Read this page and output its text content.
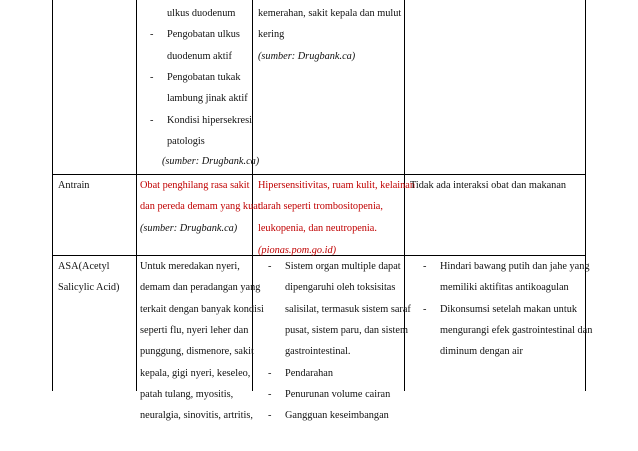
ulkus duodenum
- Pengobatan ulkus
duodenum aktif
- Pengobatan tukak
lambung jinak aktif
- Kondisi hipersekresi
patologis
(sumber: Drugbank.ca)
kemerahan, sakit kepala dan mulut
kering
(sumber: Drugbank.ca)
Antrain	Obat penghilang rasa sakit
dan pereda demam yang kuat
(sumber: Drugbank.ca)
Hipersensitivitas, ruam kulit, kelainan
darah seperti trombositopenia,
leukopenia, dan neutropenia.
(pionas.pom.go.id)
Tidak ada interaksi obat dan makanan
ASA(Acetyl
Salicylic Acid)
Untuk meredakan nyeri,
demam dan peradangan yang
terkait dengan banyak kondisi
seperti flu, nyeri leher dan
punggung, dismenore, sakit
kepala, gigi nyeri, keseleo,
patah tulang, myositis,
neuralgia, sinovitis, artritis,
- Sistem organ multiple dapat
dipengaruhi oleh toksisitas
salisilat, termasuk sistem saraf
pusat, sistem paru, dan sistem
gastrointestinal.
- Pendarahan
- Hindari bawang putih dan jahe yang
memiliki aktifitas antikoagulan
- Dikonsumsi setelah makan untuk
mengurangi efek gastrointestinal dan
diminum dengan air
- Penurunan volume cairan
- Gangguan keseimbangan
